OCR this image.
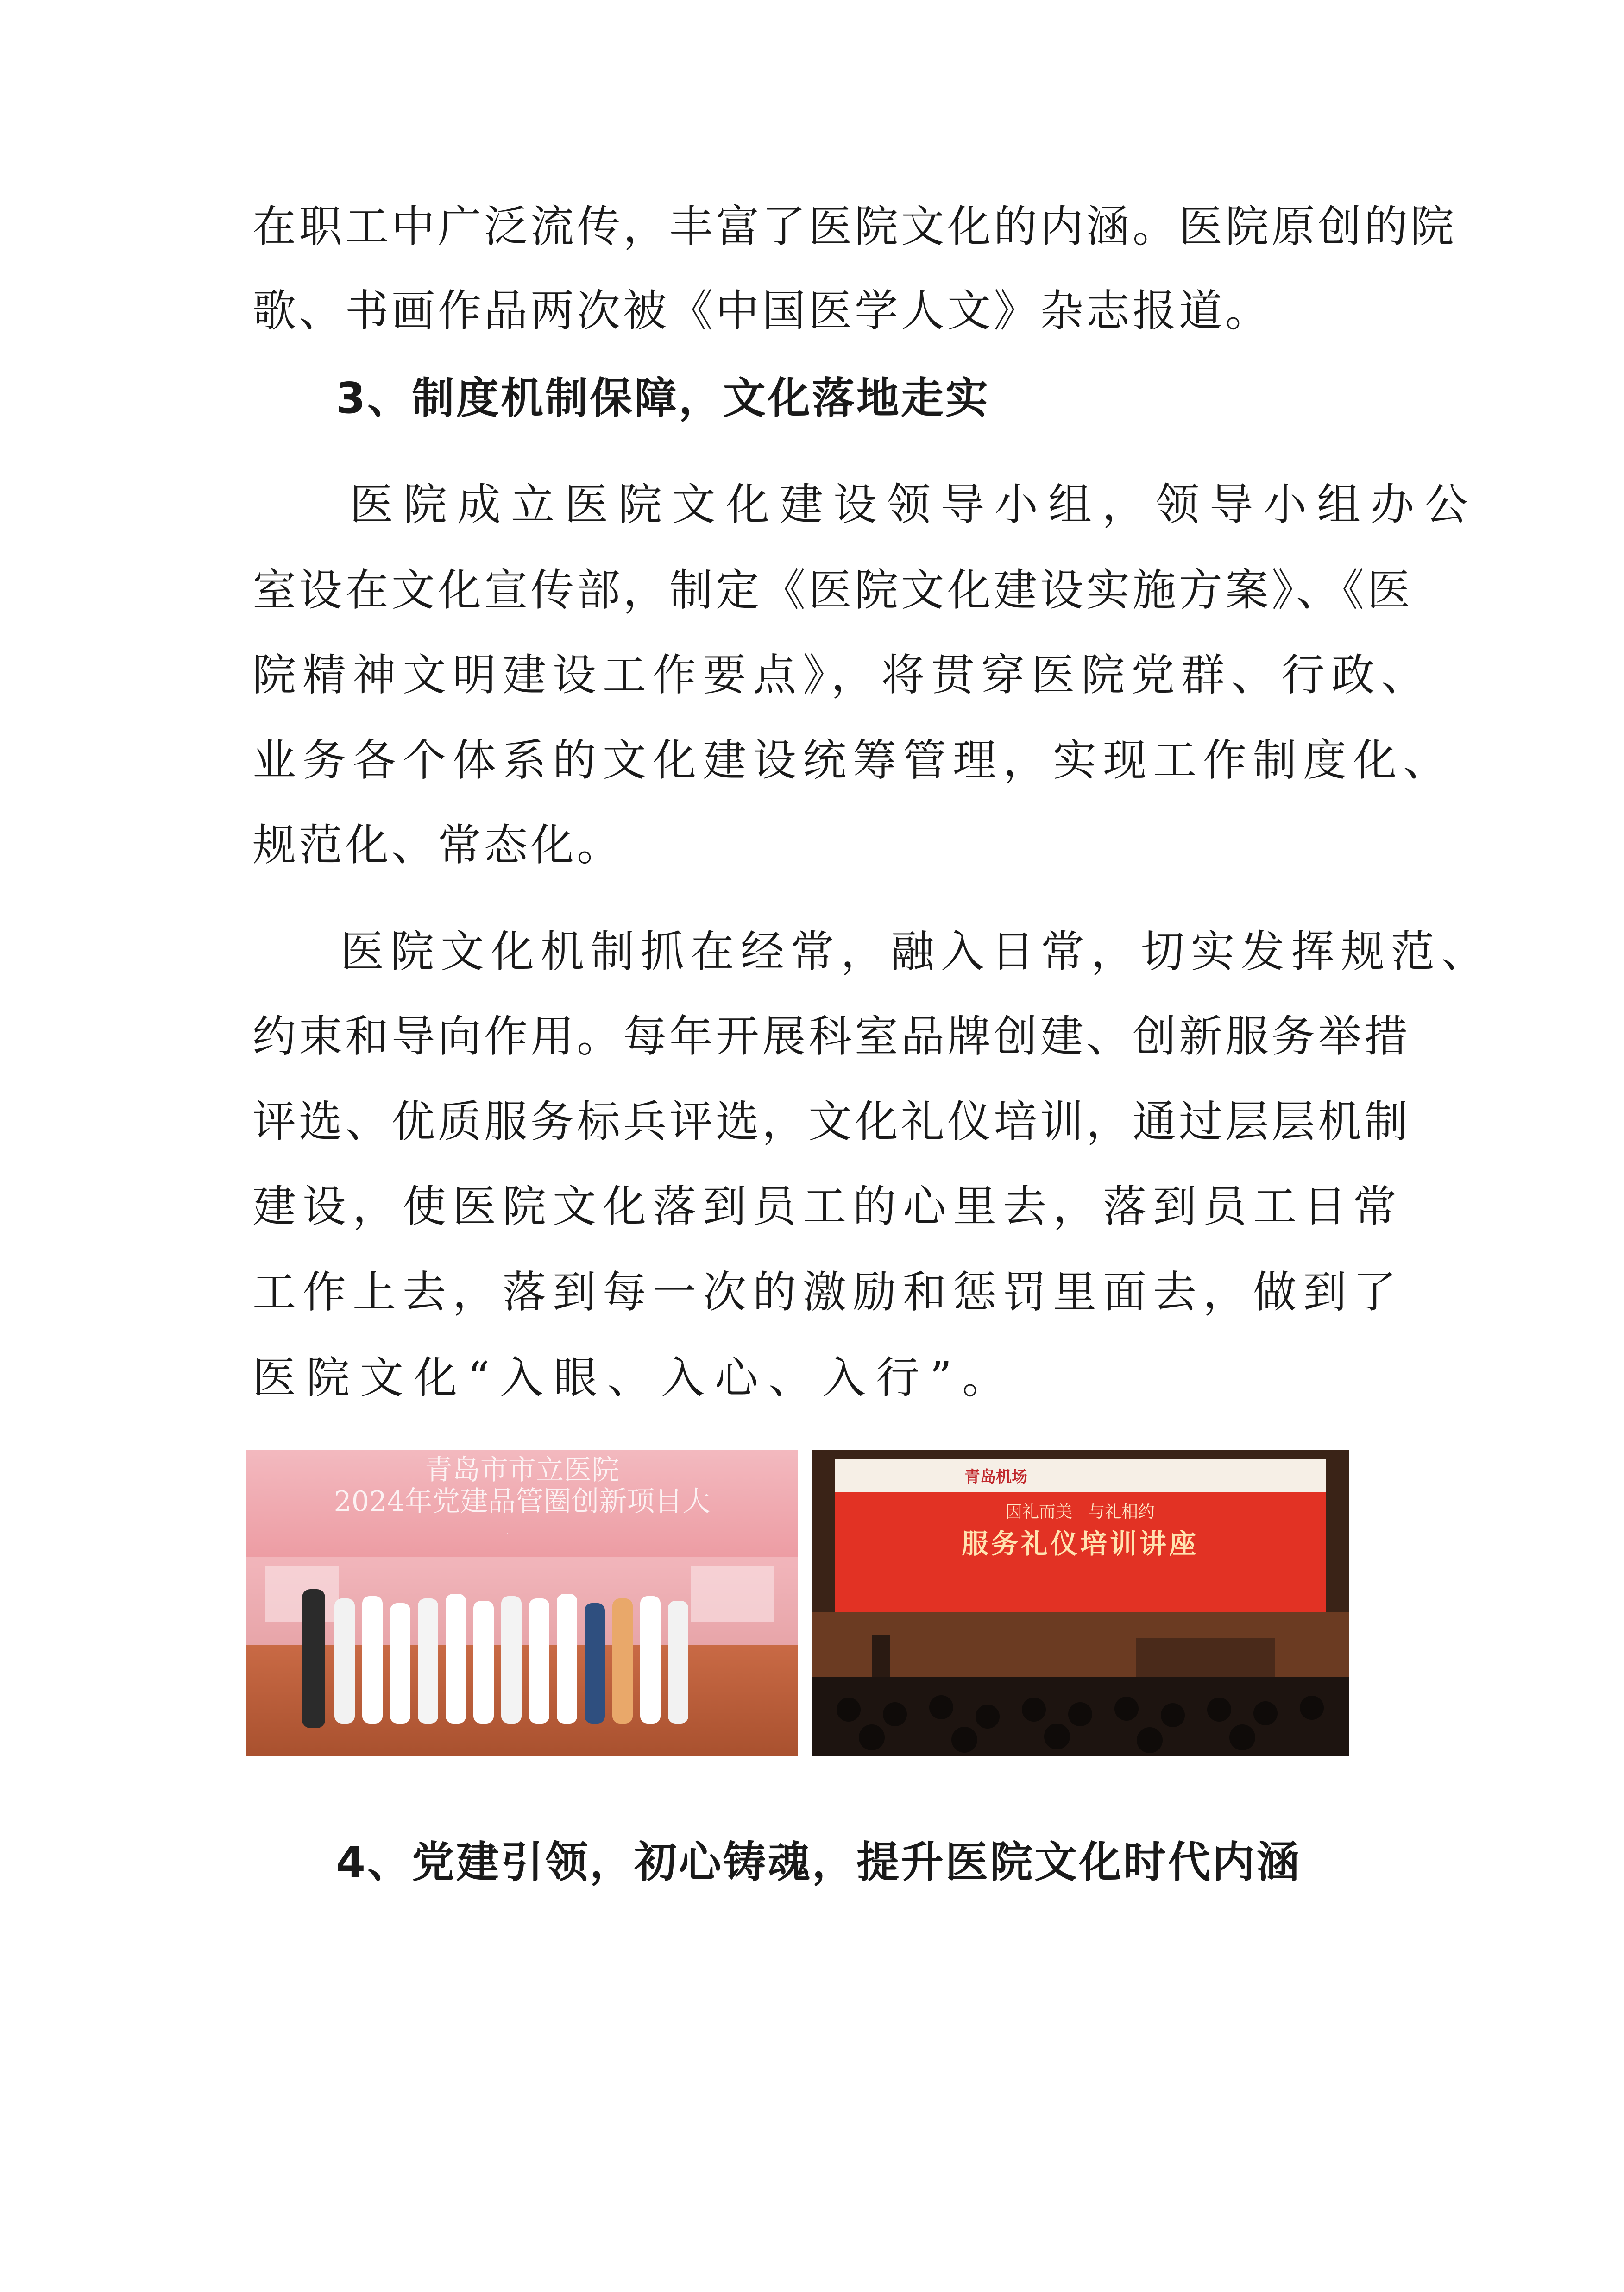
在职工中广泛流传，丰富了医院文化的内涵。医院原创的院
歌、书画作品两次被《中国医学人文》杂志报道。
3、制度机制保障，文化落地走实
医院成立医院文化建设领导小组，领导小组办公
室设在文化宣传部，制定《医院文化建设实施方案》、《医
院精神文明建设工作要点》，将贯穿医院党群、行政、
业务各个体系的文化建设统筹管理，实现工作制度化、
规范化、常态化。
医院文化机制抓在经常，融入日常，切实发挥规范、
约束和导向作用。每年开展科室品牌创建、创新服务举措
评选、优质服务标兵评选，文化礼仪培训，通过层层机制
建设，使医院文化落到员工的心里去，落到员工日常
工作上去，落到每一次的激励和惩罚里面去，做到了
医院文化“入眼、入心、入行”。
·
青岛市市立医院
2024年党建品管圈创新项目大
青岛机场
因礼而美   与礼相约
服务礼仪培训讲座
4、党建引领，初心铸魂，提升医院文化时代内涵
